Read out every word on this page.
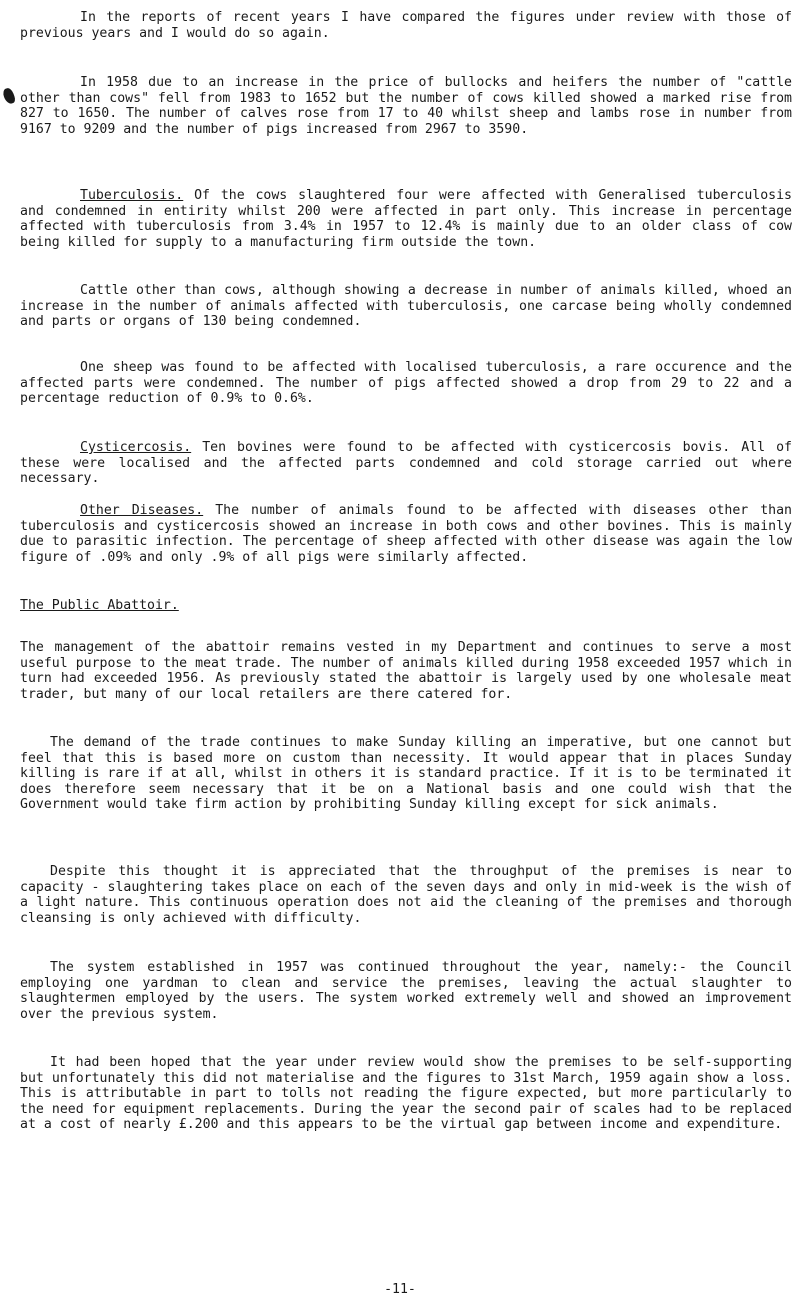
In the reports of recent years I have compared the figures under review with those of previous years and I would do so again.

In 1958 due to an increase in the price of bullocks and heifers the number of "cattle other than cows" fell from 1983 to 1652 but the number of cows killed showed a marked rise from 827 to 1650. The number of calves rose from 17 to 40 whilst sheep and lambs rose in number from 9167 to 9209 and the number of pigs increased from 2967 to 3590.

Tuberculosis. Of the cows slaughtered four were affected with Generalised tuberculosis and condemned in entirity whilst 200 were affected in part only. This increase in percentage affected with tuberculosis from 3.4% in 1957 to 12.4% is mainly due to an older class of cow being killed for supply to a manufacturing firm outside the town.

Cattle other than cows, although showing a decrease in number of animals killed, whoed an increase in the number of animals affected with tuberculosis, one carcase being wholly condemned and parts or organs of 130 being condemned.

One sheep was found to be affected with localised tuberculosis, a rare occurence and the affected parts were condemned. The number of pigs affected showed a drop from 29 to 22 and a percentage reduction of 0.9% to 0.6%.

Cysticercosis. Ten bovines were found to be affected with cysticercosis bovis. All of these were localised and the affected parts condemned and cold storage carried out where necessary.

Other Diseases. The number of animals found to be affected with diseases other than tuberculosis and cysticercosis showed an increase in both cows and other bovines. This is mainly due to parasitic infection. The percentage of sheep affected with other disease was again the low figure of .09% and only .9% of all pigs were similarly affected.

The Public Abattoir.

The management of the abattoir remains vested in my Department and continues to serve a most useful purpose to the meat trade. The number of animals killed during 1958 exceeded 1957 which in turn had exceeded 1956. As previously stated the abattoir is largely used by one wholesale meat trader, but many of our local retailers are there catered for.

The demand of the trade continues to make Sunday killing an imperative, but one cannot but feel that this is based more on custom than necessity. It would appear that in places Sunday killing is rare if at all, whilst in others it is standard practice. If it is to be terminated it does therefore seem necessary that it be on a National basis and one could wish that the Government would take firm action by prohibiting Sunday killing except for sick animals.

Despite this thought it is appreciated that the throughput of the premises is near to capacity - slaughtering takes place on each of the seven days and only in mid-week is the wish of a light nature. This continuous operation does not aid the cleaning of the premises and thorough cleansing is only achieved with difficulty.

The system established in 1957 was continued throughout the year, namely:- the Council employing one yardman to clean and service the premises, leaving the actual slaughter to slaughtermen employed by the users. The system worked extremely well and showed an improvement over the previous system.

It had been hoped that the year under review would show the premises to be self-supporting but unfortunately this did not materialise and the figures to 31st March, 1959 again show a loss. This is attributable in part to tolls not reading the figure expected, but more particularly to the need for equipment replacements. During the year the second pair of scales had to be replaced at a cost of nearly £.200 and this appears to be the virtual gap between income and expenditure.

-11-
